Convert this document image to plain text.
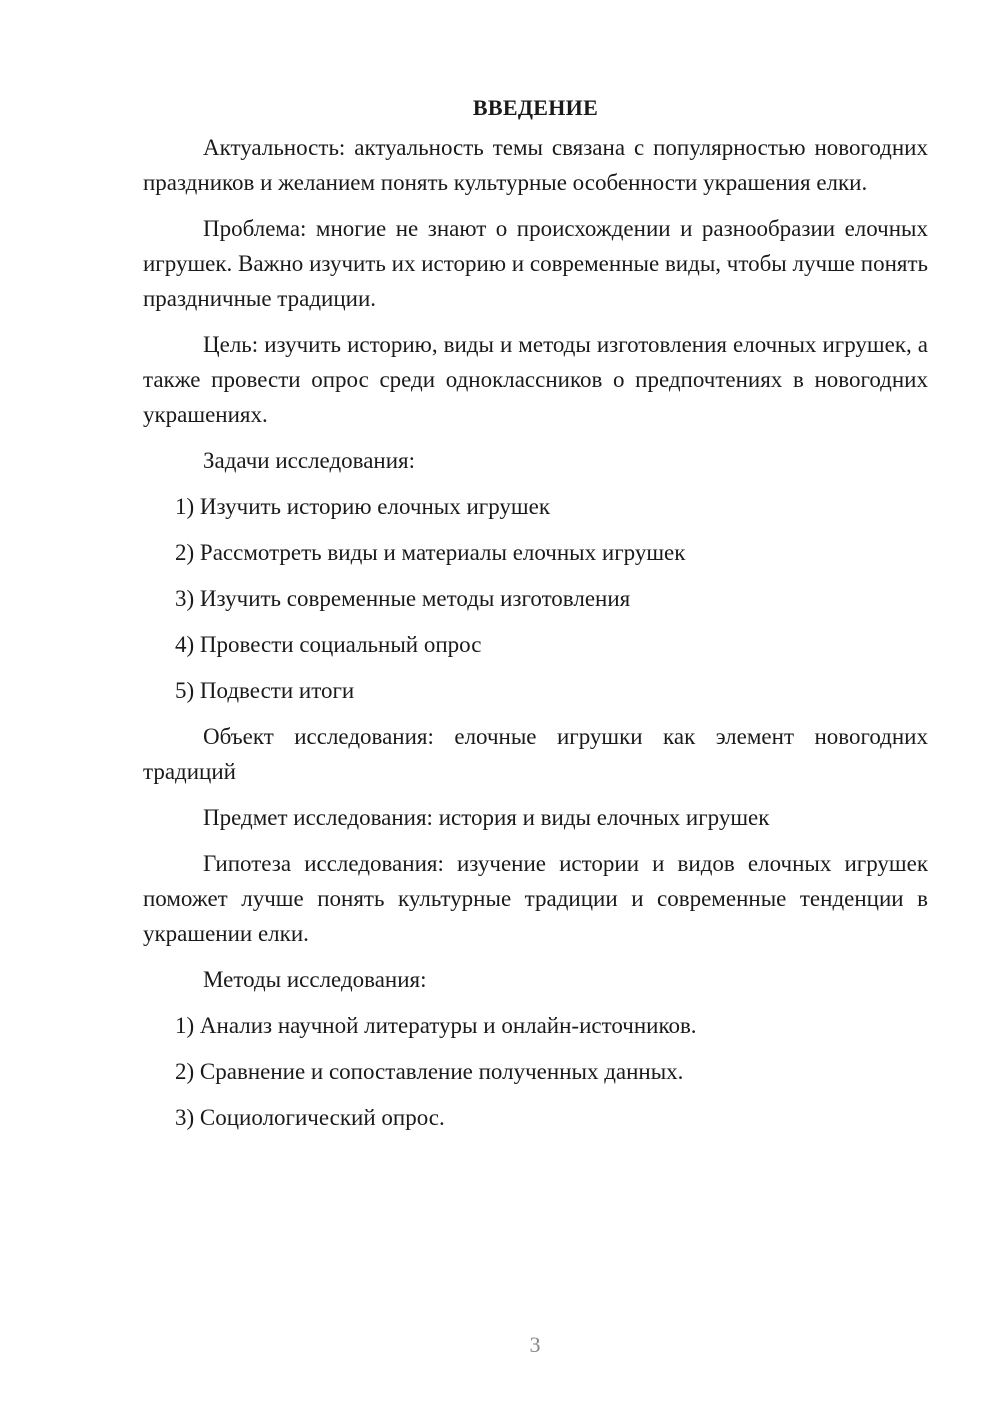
ВВЕДЕНИЕ

Актуальность: актуальность темы связана с популярностью новогодних праздников и желанием понять культурные особенности украшения елки.

Проблема: многие не знают о происхождении и разнообразии елочных игрушек. Важно изучить их историю и современные виды, чтобы лучше понять праздничные традиции.

Цель: изучить историю, виды и методы изготовления елочных игрушек, а также провести опрос среди одноклассников о предпочтениях в новогодних украшениях.

Задачи исследования:
1) Изучить историю елочных игрушек
2) Рассмотреть виды и материалы елочных игрушек
3) Изучить современные методы изготовления
4) Провести социальный опрос
5) Подвести итоги

Объект исследования: елочные игрушки как элемент новогодних традиций

Предмет исследования: история и виды елочных игрушек

Гипотеза исследования: изучение истории и видов елочных игрушек поможет лучше понять культурные традиции и современные тенденции в украшении елки.

Методы исследования:
1) Анализ научной литературы и онлайн-источников.
2) Сравнение и сопоставление полученных данных.
3) Социологический опрос.
3
